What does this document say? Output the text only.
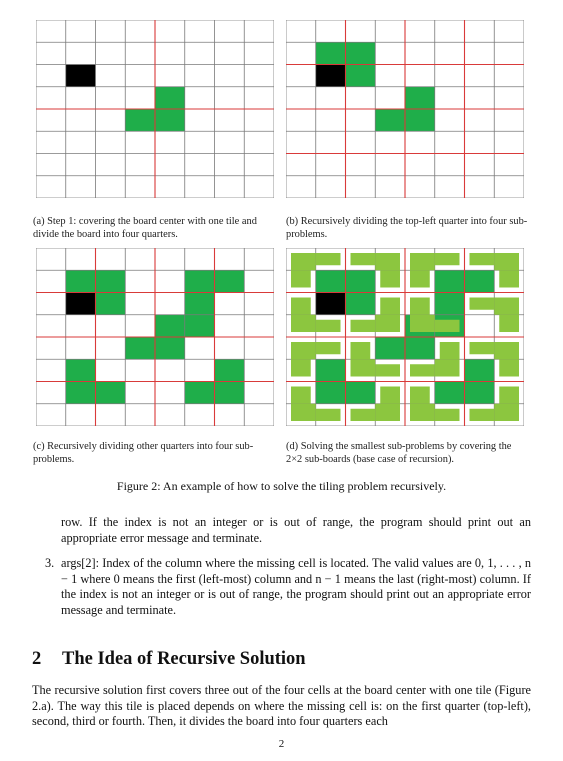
(a) Step 1: covering the board center with one tile and divide the board into four quarters.
(b) Recursively dividing the top-left quarter into four sub-problems.
(c) Recursively dividing other quarters into four sub-problems.
(d) Solving the smallest sub-problems by covering the 2×2 sub-boards (base case of recursion).
Figure 2: An example of how to solve the tiling problem recursively.
row. If the index is not an integer or is out of range, the program should print out an appropriate error message and terminate.
3. args[2]: Index of the column where the missing cell is located. The valid values are 0, 1, . . . , n − 1 where 0 means the first (left-most) column and n − 1 means the last (right-most) column. If the index is not an integer or is out of range, the program should print out an appropriate error message and terminate.
2 The Idea of Recursive Solution
The recursive solution first covers three out of the four cells at the board center with one tile (Figure 2.a). The way this tile is placed depends on where the missing cell is: on the first quarter (top-left), second, third or fourth. Then, it divides the board into four quarters each
2
